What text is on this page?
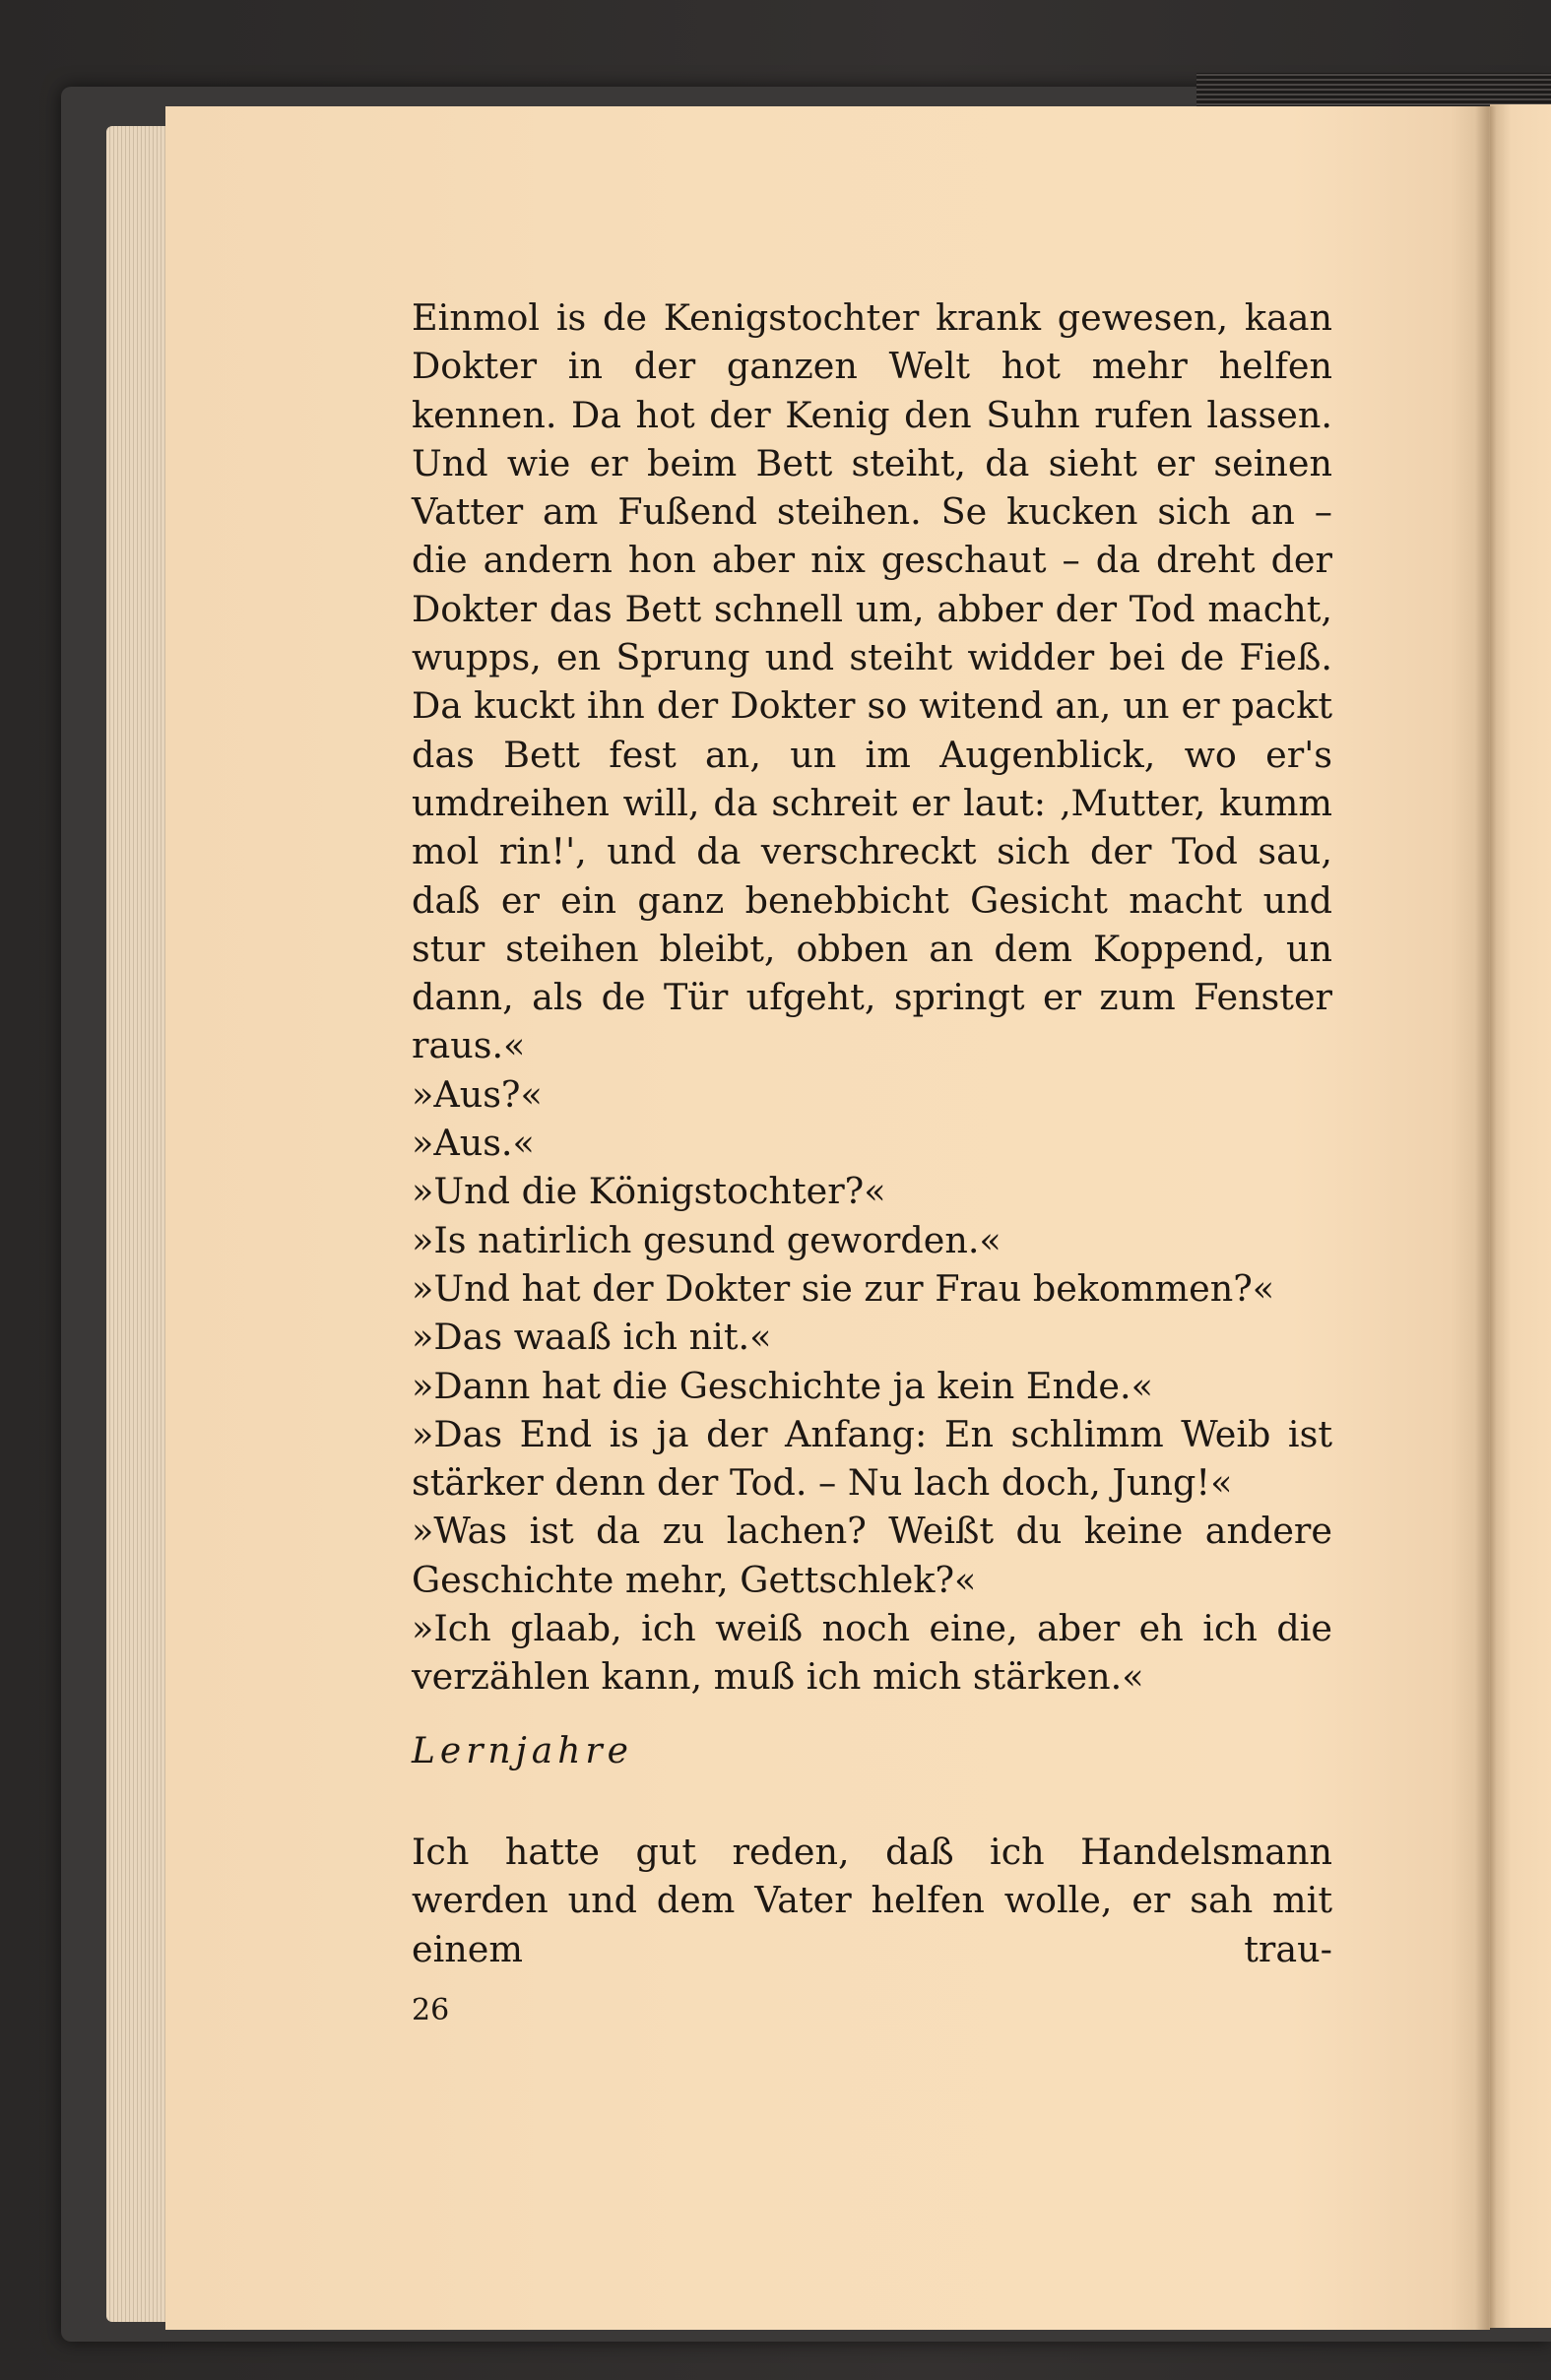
Einmol is de Kenigstochter krank gewesen, kaan Dokter in der ganzen Welt hot mehr helfen kennen. Da hot der Kenig den Suhn rufen lassen. Und wie er beim Bett steiht, da sieht er seinen Vatter am Fußend steihen. Se kucken sich an – die andern hon aber nix geschaut – da dreht der Dokter das Bett schnell um, abber der Tod macht, wupps, en Sprung und steiht widder bei de Fieß. Da kuckt ihn der Dokter so witend an, un er packt das Bett fest an, un im Augenblick, wo er's umdreihen will, da schreit er laut: ‚Mutter, kumm mol rin!', und da verschreckt sich der Tod sau, daß er ein ganz benebbicht Gesicht macht und stur steihen bleibt, obben an dem Koppend, un dann, als de Tür ufgeht, springt er zum Fenster raus.«

»Aus?«

»Aus.«

»Und die Königstochter?«

»Is natirlich gesund geworden.«

»Und hat der Dokter sie zur Frau bekommen?«

»Das waaß ich nit.«

»Dann hat die Geschichte ja kein Ende.«

»Das End is ja der Anfang: En schlimm Weib ist stärker denn der Tod. – Nu lach doch, Jung!«

»Was ist da zu lachen? Weißt du keine andere Geschichte mehr, Gettschlek?«

»Ich glaab, ich weiß noch eine, aber eh ich die verzählen kann, muß ich mich stärken.«

Lernjahre

Ich hatte gut reden, daß ich Handelsmann werden und dem Vater helfen wolle, er sah mit einem trau-

26
